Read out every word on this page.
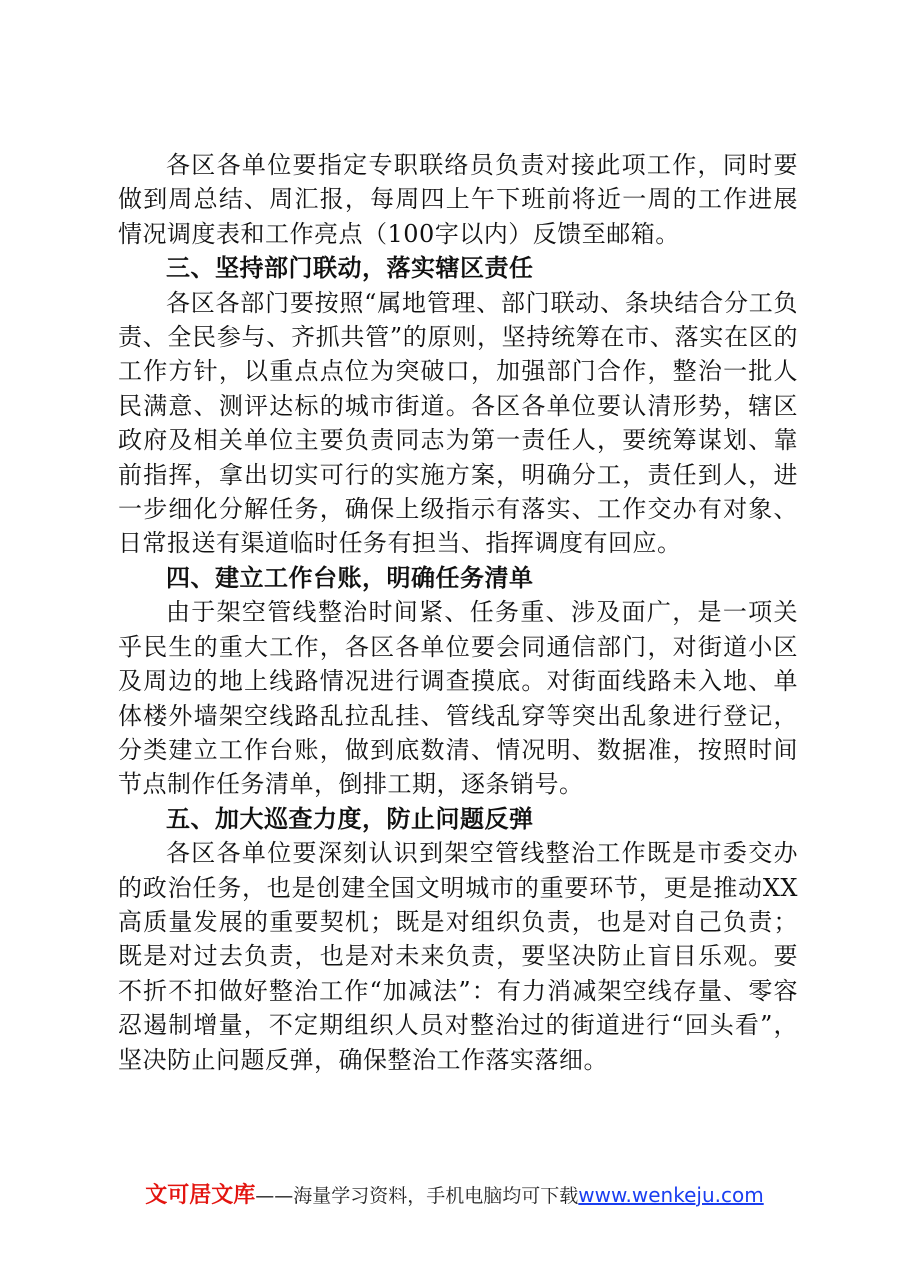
各区各单位要指定专职联络员负责对接此项工作，同时要做到周总结、周汇报，每周四上午下班前将近一周的工作进展情况调度表和工作亮点（100字以内）反馈至邮箱。

三、坚持部门联动，落实辖区责任

各区各部门要按照“属地管理、部门联动、条块结合分工负责、全民参与、齐抓共管”的原则，坚持统筹在市、落实在区的工作方针，以重点点位为突破口，加强部门合作，整治一批人民满意、测评达标的城市街道。各区各单位要认清形势，辖区政府及相关单位主要负责同志为第一责任人，要统筹谋划、靠前指挥，拿出切实可行的实施方案，明确分工，责任到人，进一步细化分解任务，确保上级指示有落实、工作交办有对象、日常报送有渠道临时任务有担当、指挥调度有回应。

四、建立工作台账，明确任务清单

由于架空管线整治时间紧、任务重、涉及面广，是一项关乎民生的重大工作，各区各单位要会同通信部门，对街道小区及周边的地上线路情况进行调查摸底。对街面线路未入地、单体楼外墙架空线路乱拉乱挂、管线乱穿等突出乱象进行登记，分类建立工作台账，做到底数清、情况明、数据准，按照时间节点制作任务清单，倒排工期，逐条销号。

五、加大巡查力度，防止问题反弹

各区各单位要深刻认识到架空管线整治工作既是市委交办的政治任务，也是创建全国文明城市的重要环节，更是推动XX高质量发展的重要契机；既是对组织负责，也是对自己负责；既是对过去负责，也是对未来负责，要坚决防止盲目乐观。要不折不扣做好整治工作“加减法”：有力消减架空线存量、零容忍遏制增量，不定期组织人员对整治过的街道进行“回头看”，坚决防止问题反弹，确保整治工作落实落细。

文可居文库——海量学习资料，手机电脑均可下载www.wenkeju.com
